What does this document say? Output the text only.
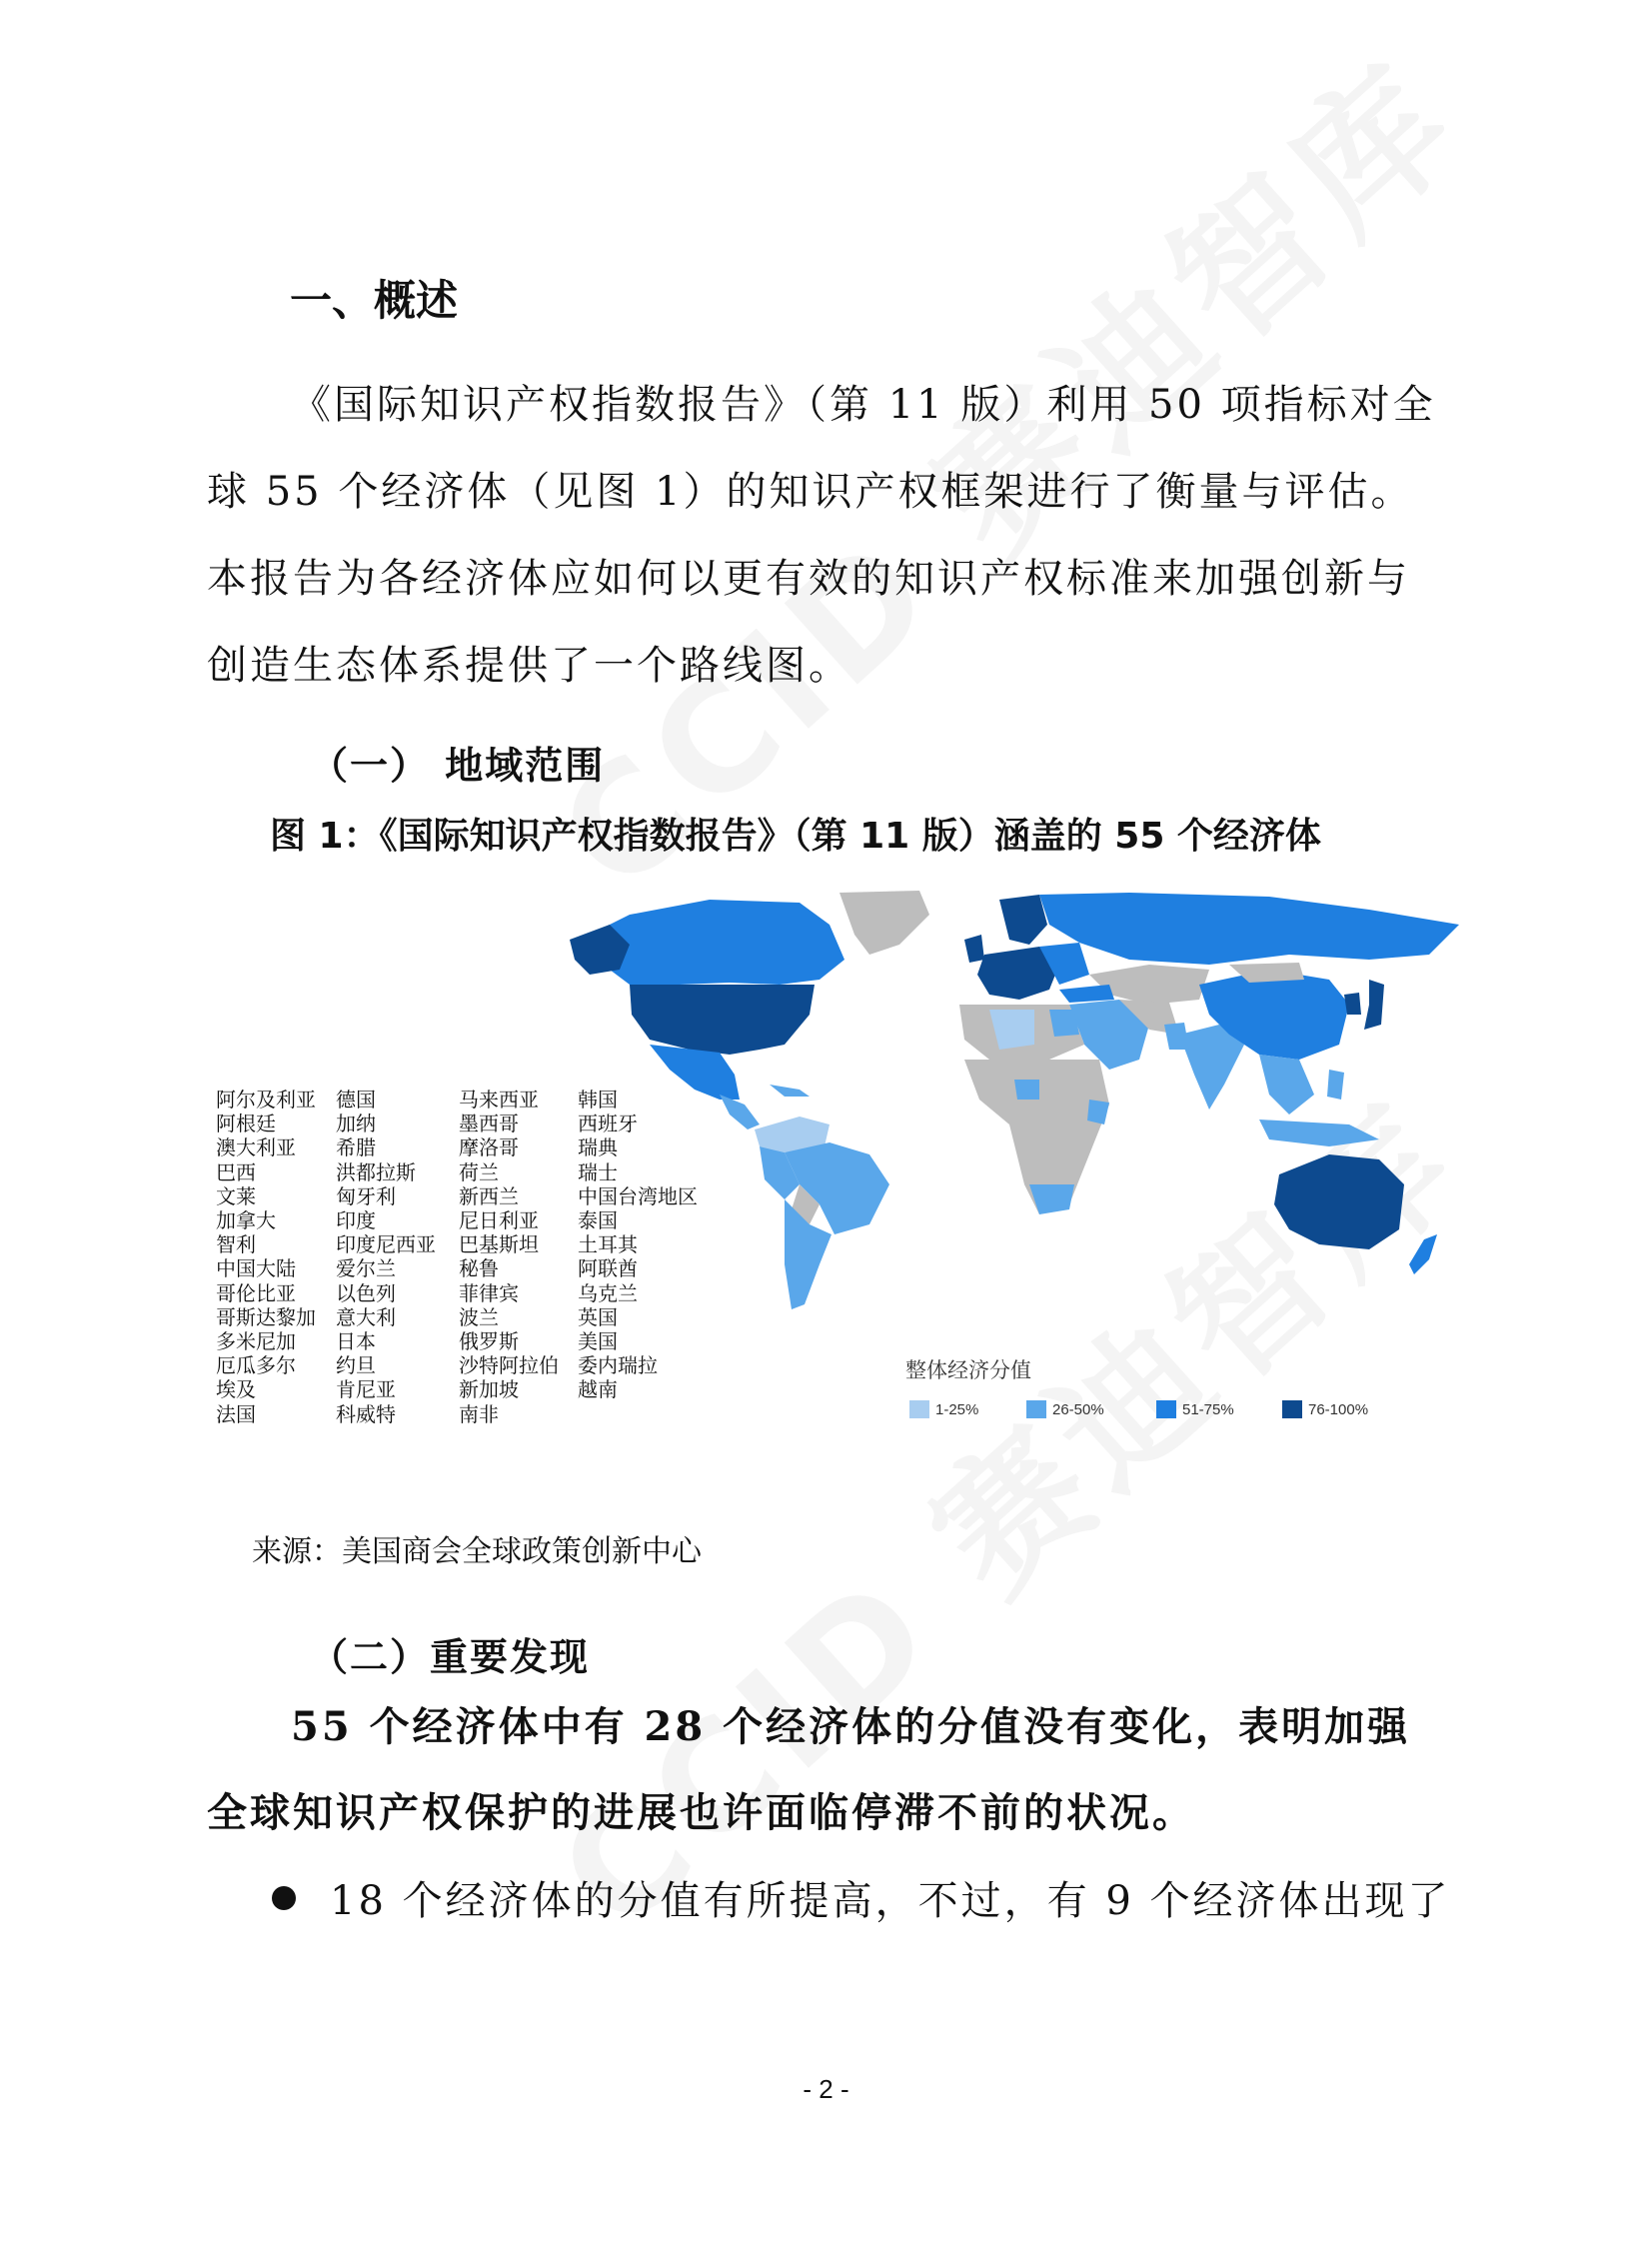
一、概述
《国际知识产权指数报告》（第 11 版）利用 50 项指标对全球 55 个经济体（见图 1）的知识产权框架进行了衡量与评估。本报告为各经济体应如何以更有效的知识产权标准来加强创新与创造生态体系提供了一个路线图。
（一） 地域范围
图 1：《国际知识产权指数报告》（第 11 版）涵盖的 55 个经济体
阿尔及利亚
阿根廷
澳大利亚
巴西
文莱
加拿大
智利
中国大陆
哥伦比亚
哥斯达黎加
多米尼加
厄瓜多尔
埃及
法国
德国
加纳
希腊
洪都拉斯
匈牙利
印度
印度尼西亚
爱尔兰
以色列
意大利
日本
约旦
肯尼亚
科威特
马来西亚
墨西哥
摩洛哥
荷兰
新西兰
尼日利亚
巴基斯坦
秘鲁
菲律宾
波兰
俄罗斯
沙特阿拉伯
新加坡
南非
韩国
西班牙
瑞典
瑞士
中国台湾地区
泰国
土耳其
阿联酋
乌克兰
英国
美国
委内瑞拉
越南
整体经济分值
1-25%	26-50%	51-75%	76-100%
来源：美国商会全球政策创新中心
（二）重要发现
55 个经济体中有 28 个经济体的分值没有变化，表明加强全球知识产权保护的进展也许面临停滞不前的状况。
18 个经济体的分值有所提高，不过，有 9 个经济体出现了
- 2 -
